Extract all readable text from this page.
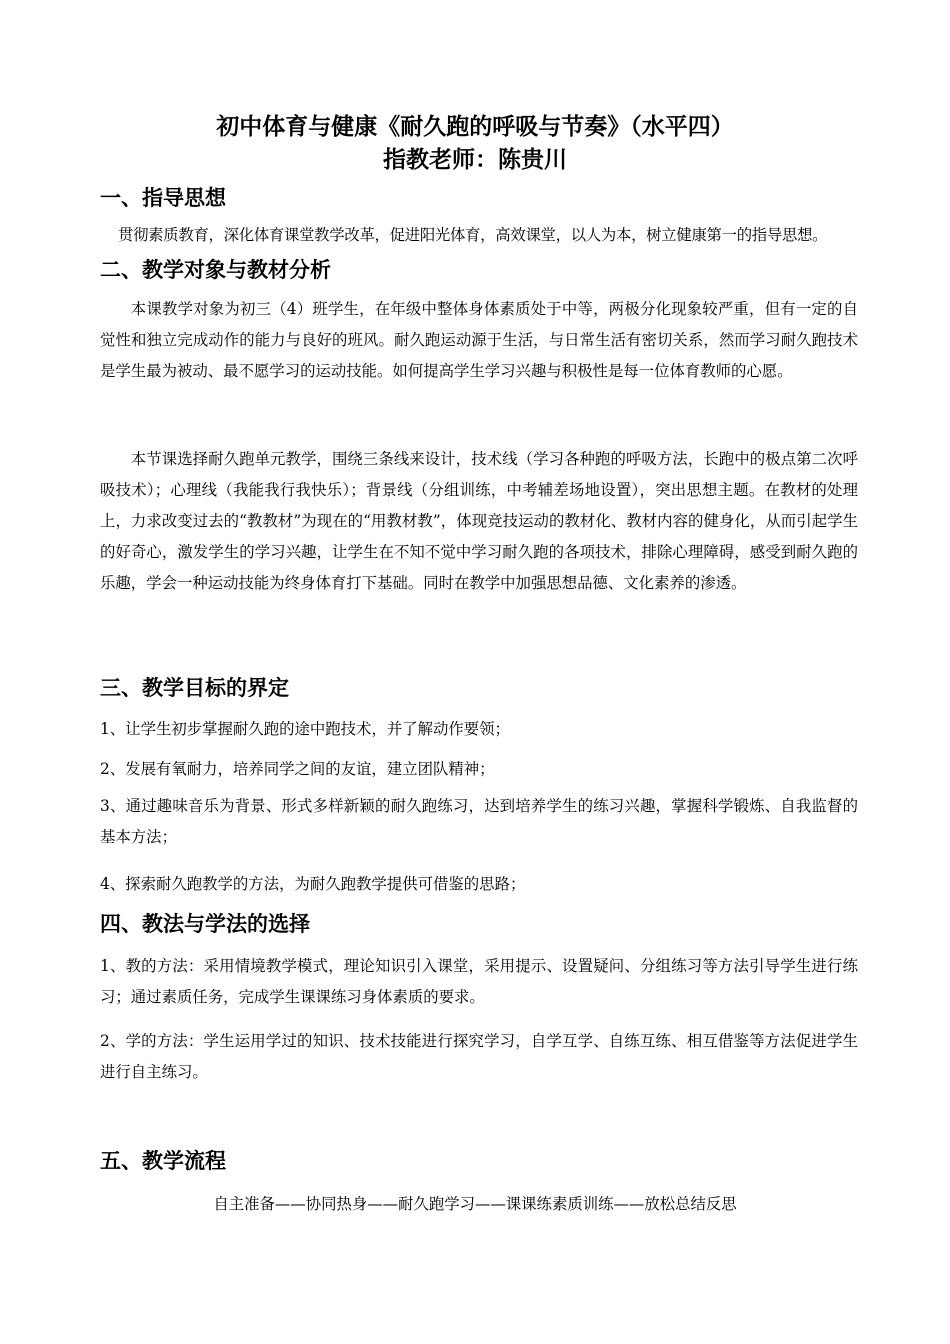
初中体育与健康《耐久跑的呼吸与节奏》（水平四）
指教老师：陈贵川
一、指导思想
贯彻素质教育，深化体育课堂教学改革，促进阳光体育，高效课堂，以人为本，树立健康第一的指导思想。
二、教学对象与教材分析
本课教学对象为初三（4）班学生，在年级中整体身体素质处于中等，两极分化现象较严重，但有一定的自觉性和独立完成动作的能力与良好的班风。耐久跑运动源于生活，与日常生活有密切关系，然而学习耐久跑技术是学生最为被动、最不愿学习的运动技能。如何提高学生学习兴趣与积极性是每一位体育教师的心愿。
本节课选择耐久跑单元教学，围绕三条线来设计，技术线（学习各种跑的呼吸方法，长跑中的极点第二次呼吸技术）；心理线（我能我行我快乐）；背景线（分组训练，中考辅差场地设置），突出思想主题。在教材的处理上，力求改变过去的“教教材”为现在的“用教材教”，体现竞技运动的教材化、教材内容的健身化，从而引起学生的好奇心，激发学生的学习兴趣，让学生在不知不觉中学习耐久跑的各项技术，排除心理障碍，感受到耐久跑的乐趣，学会一种运动技能为终身体育打下基础。同时在教学中加强思想品德、文化素养的渗透。
三、教学目标的界定
1、让学生初步掌握耐久跑的途中跑技术，并了解动作要领；
2、发展有氧耐力，培养同学之间的友谊，建立团队精神；
3、通过趣味音乐为背景、形式多样新颖的耐久跑练习，达到培养学生的练习兴趣，掌握科学锻炼、自我监督的基本方法；
4、探索耐久跑教学的方法，为耐久跑教学提供可借鉴的思路；
四、教法与学法的选择
1、教的方法：采用情境教学模式，理论知识引入课堂，采用提示、设置疑问、分组练习等方法引导学生进行练习；通过素质任务，完成学生课课练习身体素质的要求。
2、学的方法：学生运用学过的知识、技术技能进行探究学习，自学互学、自练互练、相互借鉴等方法促进学生进行自主练习。
五、教学流程
自主准备——协同热身——耐久跑学习——课课练素质训练——放松总结反思
